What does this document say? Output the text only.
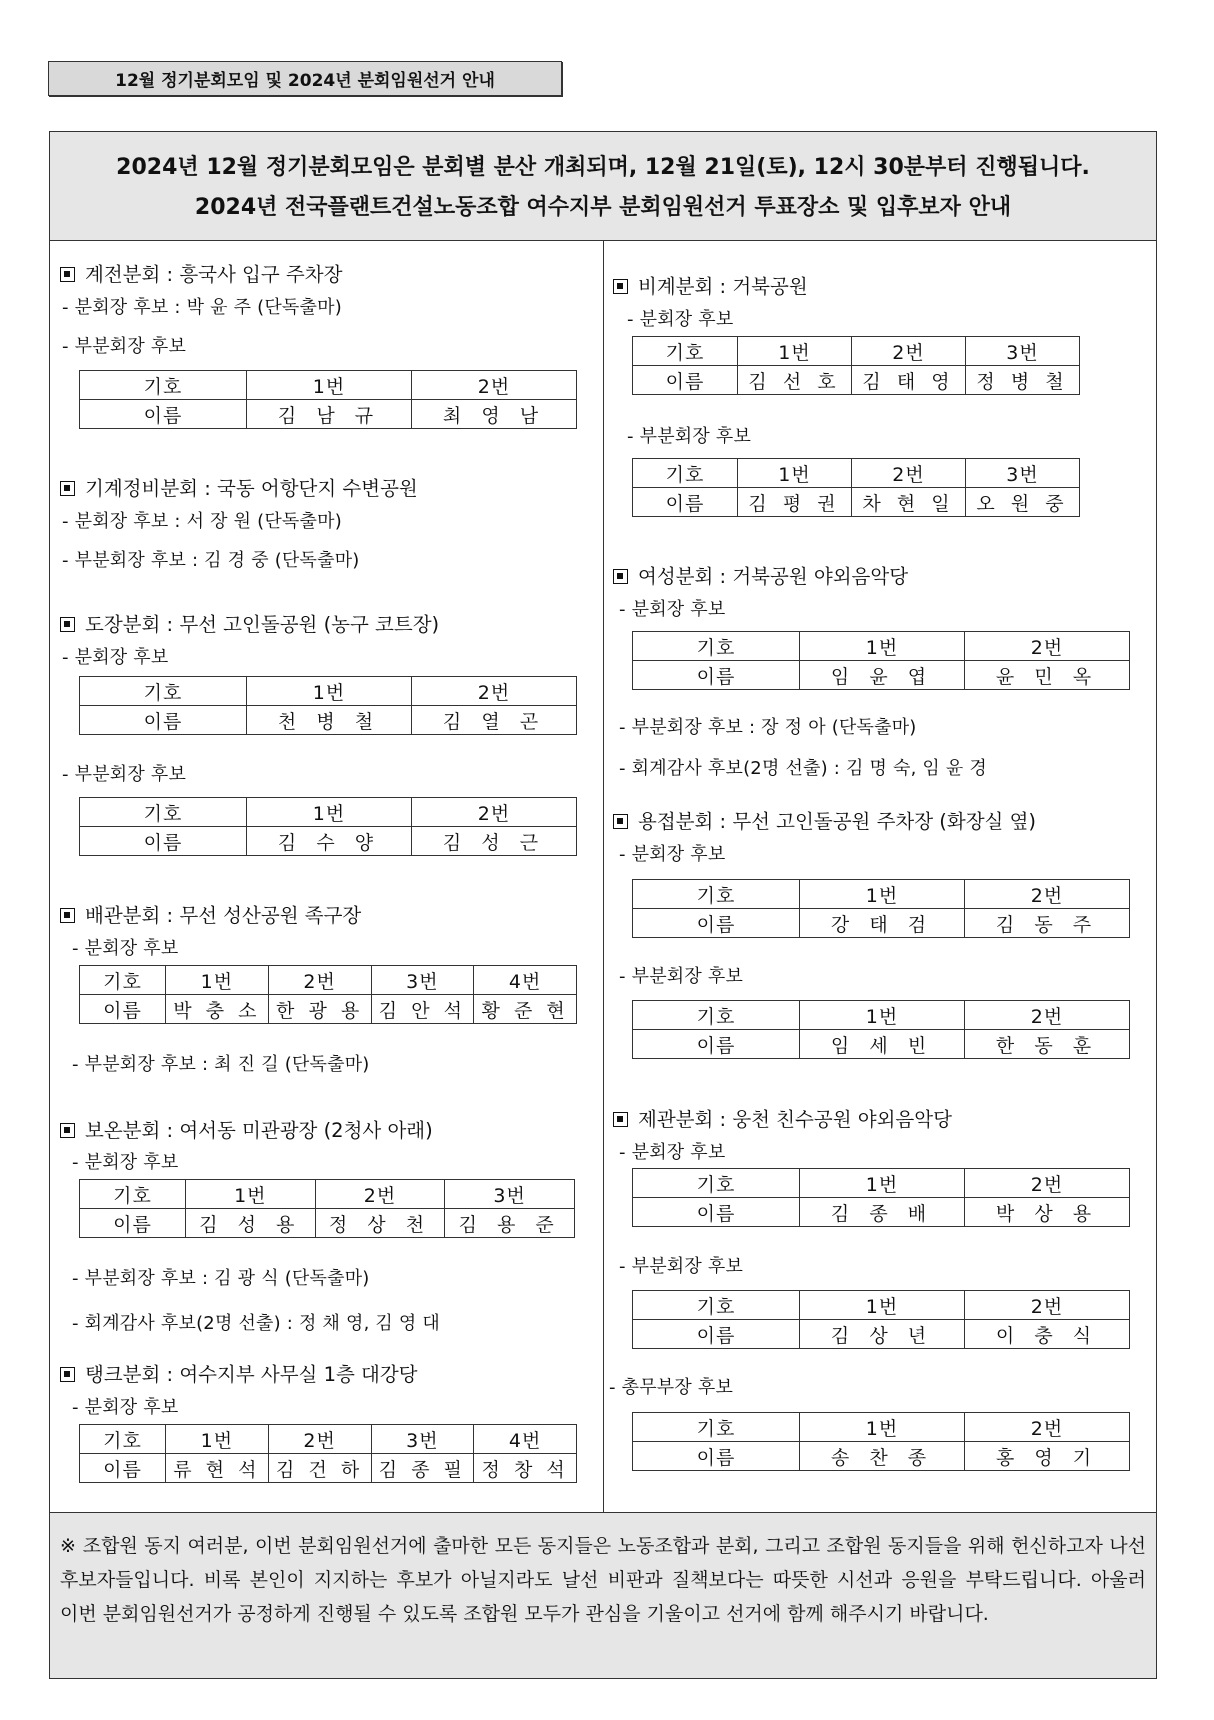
12월 정기분회모임 및 2024년 분회임원선거 안내
2024년 12월 정기분회모임은 분회별 분산 개최되며, 12월 21일(토), 12시 30분부터 진행됩니다.
2024년 전국플랜트건설노동조합 여수지부 분회임원선거 투표장소 및 입후보자 안내
계전분회 : 흥국사 입구 주차장
- 분회장 후보 : 박 윤 주 (단독출마)
- 부분회장 후보
기호	1번	2번
이름	김 남 규	최 영 남
기계정비분회 : 국동 어항단지 수변공원
- 분회장 후보 : 서 장 원 (단독출마)
- 부분회장 후보 : 김 경 중 (단독출마)
도장분회 : 무선 고인돌공원 (농구 코트장)
- 분회장 후보
기호	1번	2번
이름	천 병 철	김 열 곤
- 부분회장 후보
기호	1번	2번
이름	김 수 양	김 성 근
배관분회 : 무선 성산공원 족구장
- 분회장 후보
기호	1번	2번	3번	4번
이름	박 충 소	한 광 용	김 안 석	황 준 현
- 부분회장 후보 : 최 진 길 (단독출마)
보온분회 : 여서동 미관광장 (2청사 아래)
- 분회장 후보
기호	1번	2번	3번
이름	김 성 용	정 상 천	김 용 준
- 부분회장 후보 : 김 광 식 (단독출마)
- 회계감사 후보(2명 선출) : 정 채 영, 김 영 대
탱크분회 : 여수지부 사무실 1층 대강당
- 분회장 후보
기호	1번	2번	3번	4번
이름	류 현 석	김 건 하	김 종 필	정 창 석
비계분회 : 거북공원
- 분회장 후보
기호	1번	2번	3번
이름	김 선 호	김 태 영	정 병 철
- 부분회장 후보
기호	1번	2번	3번
이름	김 평 권	차 현 일	오 원 중
여성분회 : 거북공원 야외음악당
- 분회장 후보
기호	1번	2번
이름	임 윤 엽	윤 민 옥
- 부분회장 후보 : 장 정 아 (단독출마)
- 회계감사 후보(2명 선출) : 김 명 숙, 임 윤 경
용접분회 : 무선 고인돌공원 주차장 (화장실 옆)
- 분회장 후보
기호	1번	2번
이름	강 태 검	김 동 주
- 부분회장 후보
기호	1번	2번
이름	임 세 빈	한 동 훈
제관분회 : 웅천 친수공원 야외음악당
- 분회장 후보
기호	1번	2번
이름	김 종 배	박 상 용
- 부분회장 후보
기호	1번	2번
이름	김 상 년	이 충 식
- 총무부장 후보
기호	1번	2번
이름	송 찬 종	홍 영 기
※ 조합원 동지 여러분, 이번 분회임원선거에 출마한 모든 동지들은 노동조합과 분회, 그리고 조합원 동지들을 위해 헌신하고자 나선 후보자들입니다. 비록 본인이 지지하는 후보가 아닐지라도 날선 비판과 질책보다는 따뜻한 시선과 응원을 부탁드립니다. 아울러 이번 분회임원선거가 공정하게 진행될 수 있도록 조합원 모두가 관심을 기울이고 선거에 함께 해주시기 바랍니다.
